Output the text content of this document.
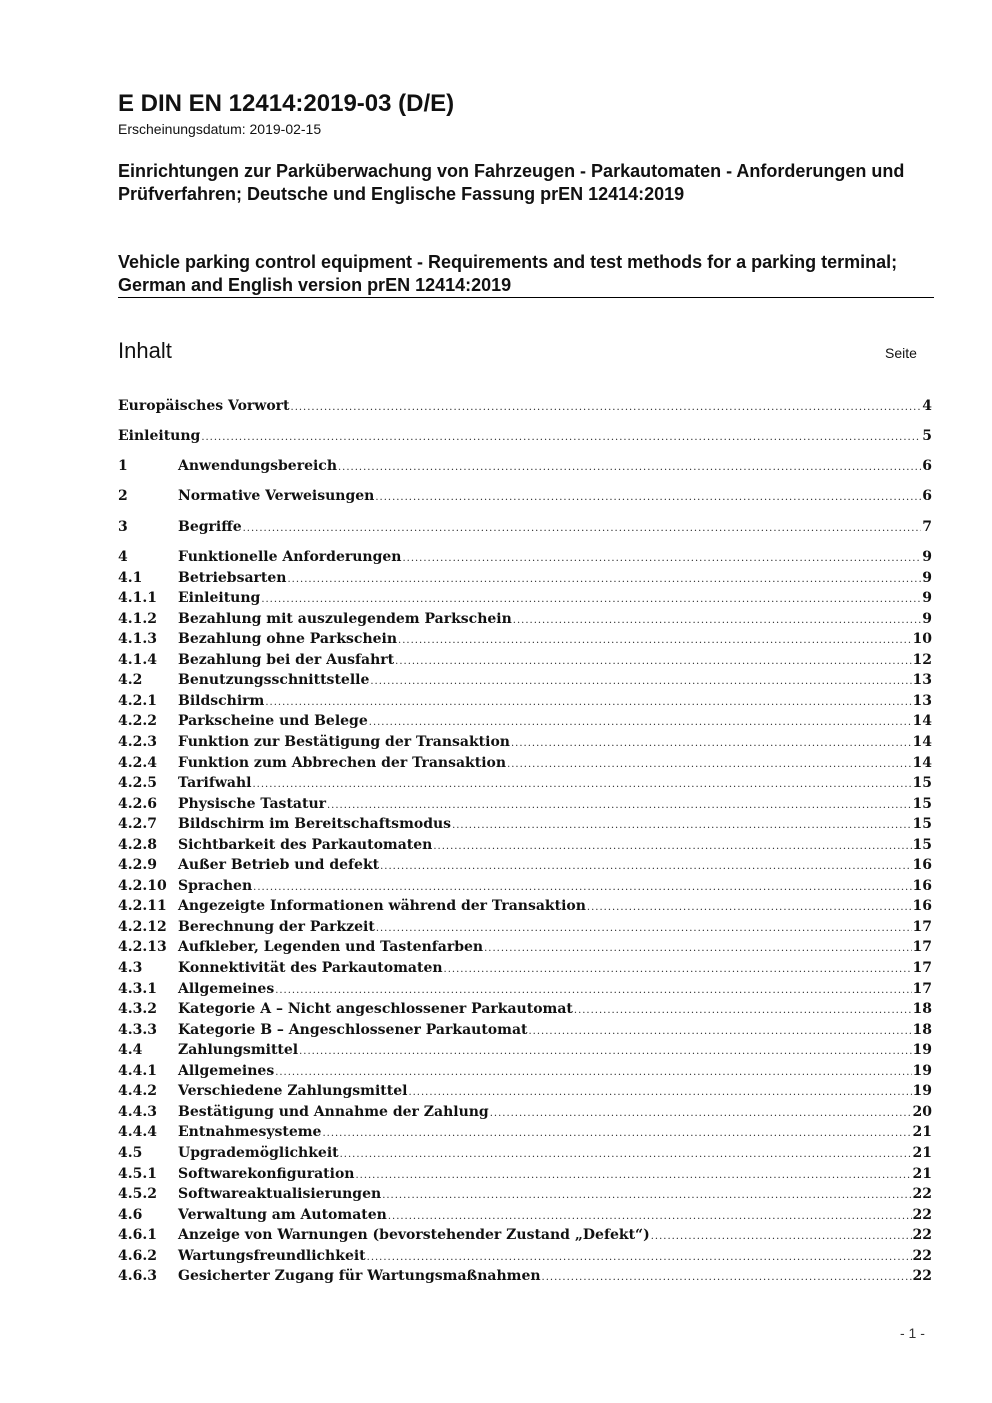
E DIN EN 12414:2019-03 (D/E)
Erscheinungsdatum: 2019-02-15
Einrichtungen zur Parküberwachung von Fahrzeugen - Parkautomaten - Anforderungen und Prüfverfahren; Deutsche und Englische Fassung prEN 12414:2019
Vehicle parking control equipment - Requirements and test methods for a parking terminal; German and English version prEN 12414:2019
Inhalt	Seite
Europäisches Vorwort .....	4
Einleitung .....	5
1	Anwendungsbereich .....	6
2	Normative Verweisungen .....	6
3	Begriffe .....	7
4	Funktionelle Anforderungen .....	9
4.1	Betriebsarten .....	9
4.1.1	Einleitung .....	9
4.1.2	Bezahlung mit auszulegendem Parkschein .....	9
4.1.3	Bezahlung ohne Parkschein .....	10
4.1.4	Bezahlung bei der Ausfahrt .....	12
4.2	Benutzungsschnittstelle .....	13
4.2.1	Bildschirm .....	13
4.2.2	Parkscheine und Belege .....	14
4.2.3	Funktion zur Bestätigung der Transaktion .....	14
4.2.4	Funktion zum Abbrechen der Transaktion .....	14
4.2.5	Tarifwahl .....	15
4.2.6	Physische Tastatur .....	15
4.2.7	Bildschirm im Bereitschaftsmodus .....	15
4.2.8	Sichtbarkeit des Parkautomaten .....	15
4.2.9	Außer Betrieb und defekt .....	16
4.2.10 Sprachen .....	16
4.2.11 Angezeigte Informationen während der Transaktion .....	16
4.2.12 Berechnung der Parkzeit .....	17
4.2.13 Aufkleber, Legenden und Tastenfarben .....	17
4.3	Konnektivität des Parkautomaten .....	17
4.3.1	Allgemeines .....	17
4.3.2	Kategorie A – Nicht angeschlossener Parkautomat .....	18
4.3.3	Kategorie B – Angeschlossener Parkautomat .....	18
4.4	Zahlungsmittel .....	19
4.4.1	Allgemeines .....	19
4.4.2	Verschiedene Zahlungsmittel .....	19
4.4.3	Bestätigung und Annahme der Zahlung .....	20
4.4.4	Entnahmesysteme .....	21
4.5	Upgrademöglichkeit .....	21
4.5.1	Softwarekonfiguration .....	21
4.5.2	Softwareaktualisierungen .....	22
4.6	Verwaltung am Automaten .....	22
4.6.1	Anzeige von Warnungen (bevorstehender Zustand „Defekt“) .....	22
4.6.2	Wartungsfreundlichkeit .....	22
4.6.3	Gesicherter Zugang für Wartungsmaßnahmen .....	22
- 1 -
